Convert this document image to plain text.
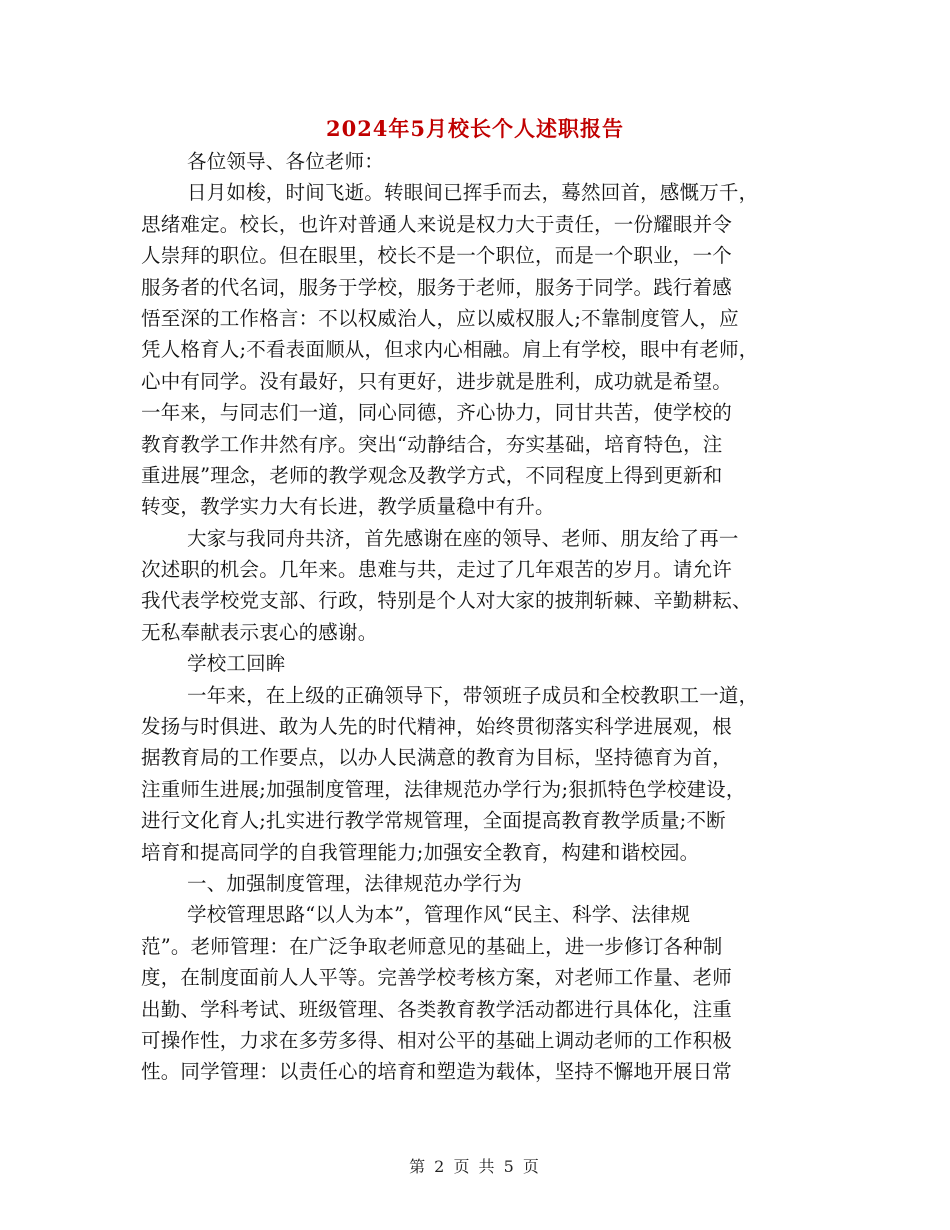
2024年5月校长个人述职报告
各位领导、各位老师：
日月如梭，时间飞逝。转眼间已挥手而去，蓦然回首，感慨万千，
思绪难定。校长，也许对普通人来说是权力大于责任，一份耀眼并令
人崇拜的职位。但在眼里，校长不是一个职位，而是一个职业，一个
服务者的代名词，服务于学校，服务于老师，服务于同学。践行着感
悟至深的工作格言：不以权威治人，应以威权服人;不靠制度管人，应
凭人格育人;不看表面顺从，但求内心相融。肩上有学校，眼中有老师，
心中有同学。没有最好，只有更好，进步就是胜利，成功就是希望。
一年来，与同志们一道，同心同德，齐心协力，同甘共苦，使学校的
教育教学工作井然有序。突出“动静结合，夯实基础，培育特色，注
重进展”理念，老师的教学观念及教学方式，不同程度上得到更新和
转变，教学实力大有长进，教学质量稳中有升。
大家与我同舟共济，首先感谢在座的领导、老师、朋友给了再一
次述职的机会。几年来。患难与共，走过了几年艰苦的岁月。请允许
我代表学校党支部、行政，特别是个人对大家的披荆斩棘、辛勤耕耘、
无私奉献表示衷心的感谢。
学校工回眸
一年来，在上级的正确领导下，带领班子成员和全校教职工一道，
发扬与时俱进、敢为人先的时代精神，始终贯彻落实科学进展观，根
据教育局的工作要点，以办人民满意的教育为目标，坚持德育为首，
注重师生进展;加强制度管理，法律规范办学行为;狠抓特色学校建设，
进行文化育人;扎实进行教学常规管理，全面提高教育教学质量;不断
培育和提高同学的自我管理能力;加强安全教育，构建和谐校园。
一、加强制度管理，法律规范办学行为
学校管理思路“以人为本”，管理作风“民主、科学、法律规
范”。老师管理：在广泛争取老师意见的基础上，进一步修订各种制
度，在制度面前人人平等。完善学校考核方案，对老师工作量、老师
出勤、学科考试、班级管理、各类教育教学活动都进行具体化，注重
可操作性，力求在多劳多得、相对公平的基础上调动老师的工作积极
性。同学管理：以责任心的培育和塑造为载体，坚持不懈地开展日常
第 2 页 共 5 页
